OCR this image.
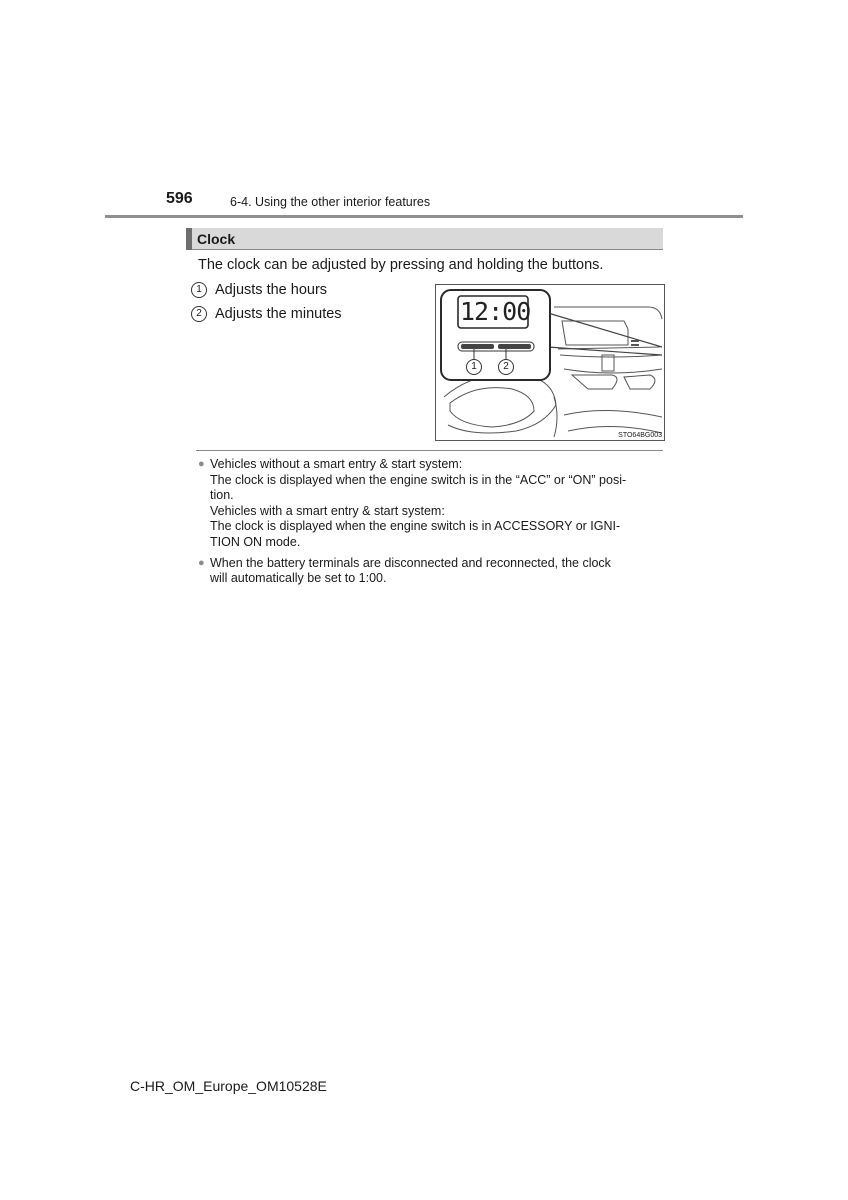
596	6-4. Using the other interior features
Clock
The clock can be adjusted by pressing and holding the buttons.
1 Adjusts the hours
2 Adjusts the minutes	12:00
1	2
STO64BG003
● Vehicles without a smart entry & start system:

The clock is displayed when the engine switch is in the “ACC” or “ON” posi-

tion.

Vehicles with a smart entry & start system:

The clock is displayed when the engine switch is in ACCESSORY or IGNI-

TION ON mode.

● When the battery terminals are disconnected and reconnected, the clock

will automatically be set to 1:00.

C-HR_OM_Europe_OM10528E
